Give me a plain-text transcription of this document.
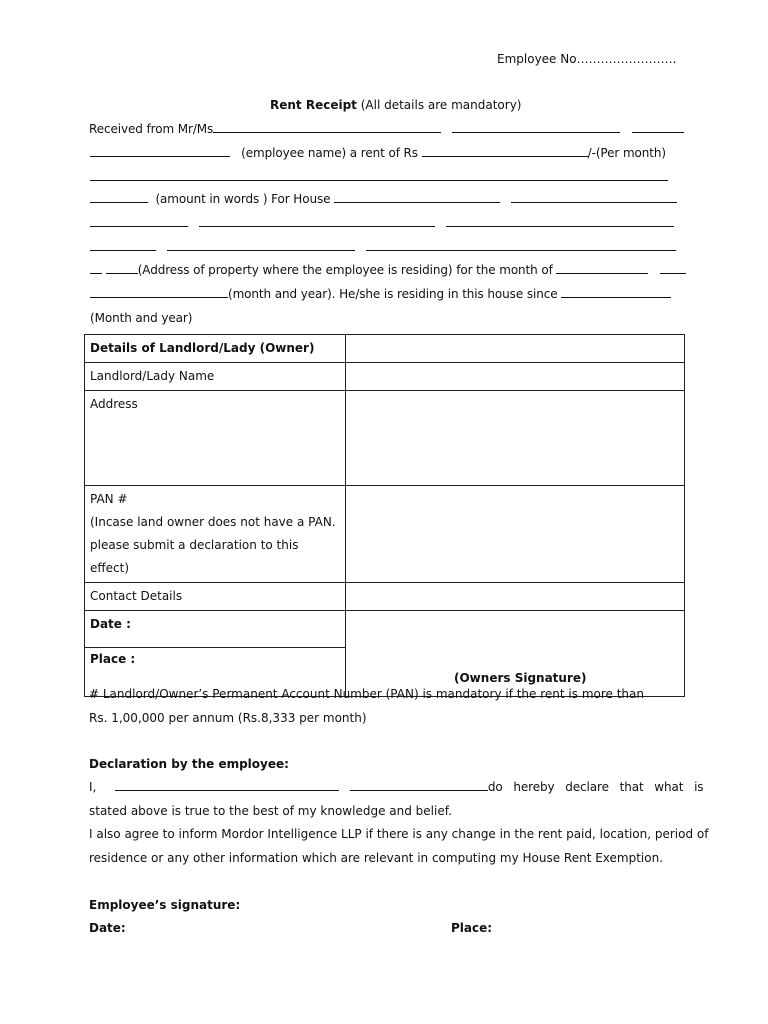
Employee No…………………….
Rent Receipt (All details are mandatory)
Received from Mr/Ms
(employee name) a rent of Rs	/-(Per month)
(amount in words ) For House

(Address of property where the employee is residing) for the month of
(month and year). He/she is residing in this house since
(Month and year)
Details of Landlord/Lady (Owner)	
Landlord/Lady Name	
Address	

PAN #
(Incase land owner does not have a PAN.
please submit a declaration to this effect)	

Contact Details	

Date :
Place :	(Owners Signature)
# Landlord/Owner’s Permanent Account Number (PAN) is mandatory if the rent is more than
Rs. 1,00,000 per annum (Rs.8,333 per month)
Declaration by the employee:
I,	do hereby declare that what is
stated above is true to the best of my knowledge and belief.
I also agree to inform Mordor Intelligence LLP if there is any change in the rent paid, location, period of
residence or any other information which are relevant in computing my House Rent Exemption.
Employee’s signature:
Date:	Place:
